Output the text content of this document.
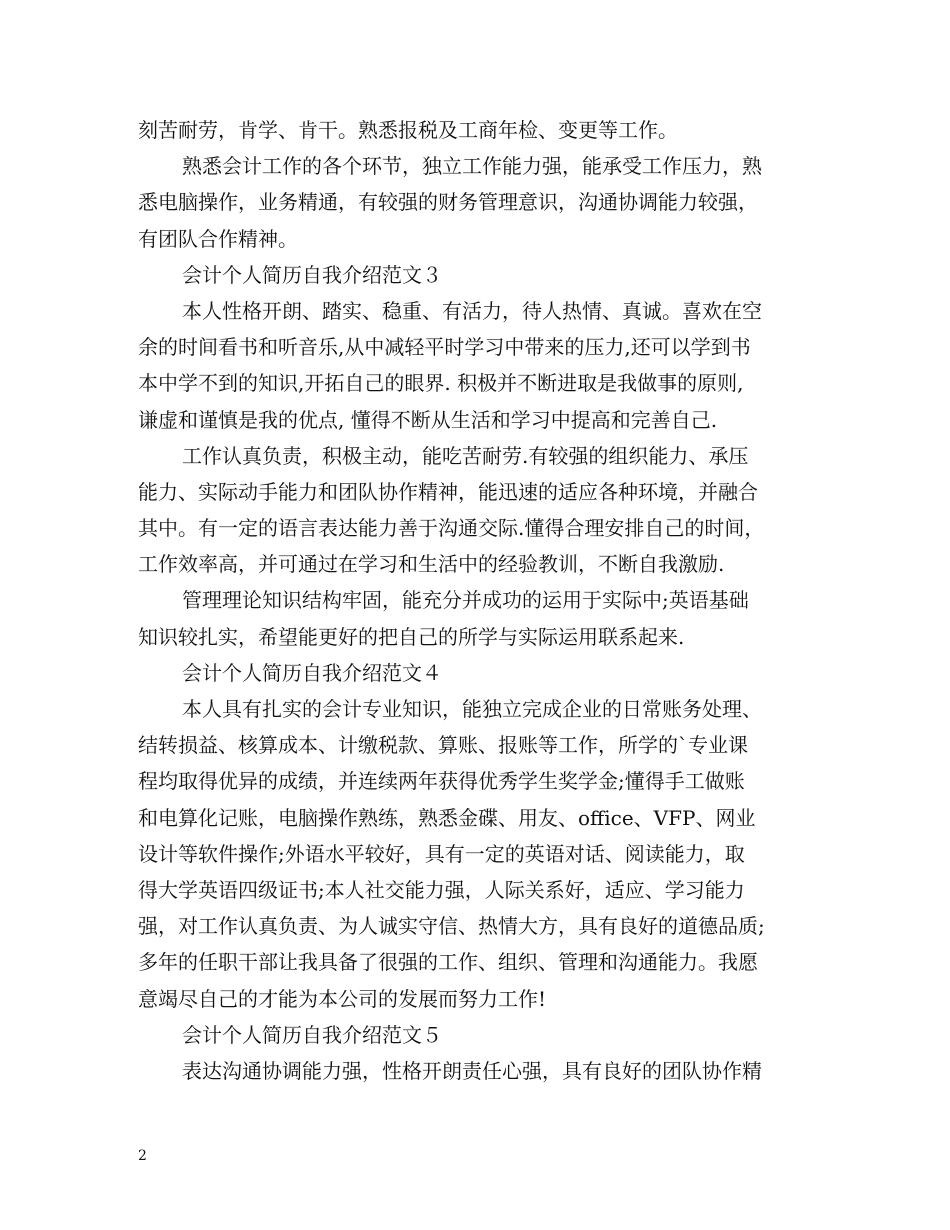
刻苦耐劳，肯学、肯干。熟悉报税及工商年检、变更等工作。
熟悉会计工作的各个环节，独立工作能力强，能承受工作压力，熟
悉电脑操作，业务精通，有较强的财务管理意识，沟通协调能力较强，
有团队合作精神。
会计个人简历自我介绍范文３
本人性格开朗、踏实、稳重、有活力，待人热情、真诚。喜欢在空
余的时间看书和听音乐,从中减轻平时学习中带来的压力,还可以学到书
本中学不到的知识,开拓自己的眼界. 积极并不断进取是我做事的原则,
谦虚和谨慎是我的优点, 懂得不断从生活和学习中提高和完善自己.
工作认真负责，积极主动，能吃苦耐劳.有较强的组织能力、承压
能力、实际动手能力和团队协作精神，能迅速的适应各种环境，并融合
其中。有一定的语言表达能力善于沟通交际.懂得合理安排自己的时间，
工作效率高，并可通过在学习和生活中的经验教训，不断自我激励.
管理理论知识结构牢固，能充分并成功的运用于实际中;英语基础
知识较扎实，希望能更好的把自己的所学与实际运用联系起来.
会计个人简历自我介绍范文４
本人具有扎实的会计专业知识，能独立完成企业的日常账务处理、
结转损益、核算成本、计缴税款、算账、报账等工作，所学的`专业课
程均取得优异的成绩，并连续两年获得优秀学生奖学金;懂得手工做账
和电算化记账，电脑操作熟练，熟悉金碟、用友、office、VFP、网业
设计等软件操作;外语水平较好，具有一定的英语对话、阅读能力，取
得大学英语四级证书;本人社交能力强，人际关系好，适应、学习能力
强，对工作认真负责、为人诚实守信、热情大方，具有良好的道德品质;
多年的任职干部让我具备了很强的工作、组织、管理和沟通能力。我愿
意竭尽自己的才能为本公司的发展而努力工作!
会计个人简历自我介绍范文５
表达沟通协调能力强，性格开朗责任心强，具有良好的团队协作精
2
